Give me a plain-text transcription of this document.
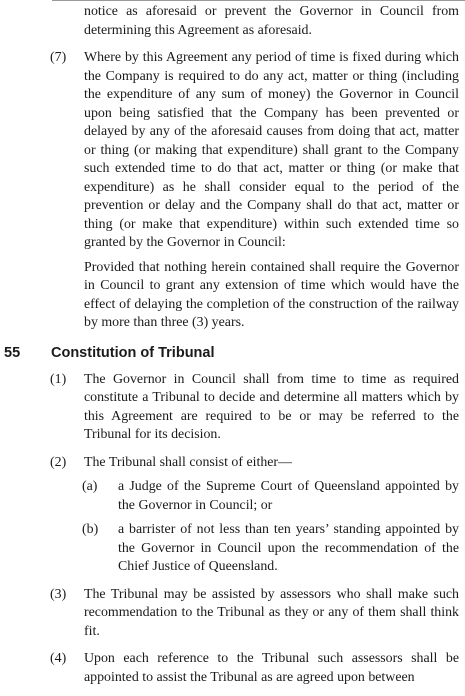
notice as aforesaid or prevent the Governor in Council from determining this Agreement as aforesaid.

(7) Where by this Agreement any period of time is fixed during which the Company is required to do any act, matter or thing (including the expenditure of any sum of money) the Governor in Council upon being satisfied that the Company has been prevented or delayed by any of the aforesaid causes from doing that act, matter or thing (or making that expenditure) shall grant to the Company such extended time to do that act, matter or thing (or make that expenditure) as he shall consider equal to the period of the prevention or delay and the Company shall do that act, matter or thing (or make that expenditure) within such extended time so granted by the Governor in Council:

Provided that nothing herein contained shall require the Governor in Council to grant any extension of time which would have the effect of delaying the completion of the construction of the railway by more than three (3) years.

55 Constitution of Tribunal
(1) The Governor in Council shall from time to time as required constitute a Tribunal to decide and determine all matters which by this Agreement are required to be or may be referred to the Tribunal for its decision.
(2) The Tribunal shall consist of either—
(a) a Judge of the Supreme Court of Queensland appointed by the Governor in Council; or
(b) a barrister of not less than ten years’ standing appointed by the Governor in Council upon the recommendation of the Chief Justice of Queensland.
(3) The Tribunal may be assisted by assessors who shall make such recommendation to the Tribunal as they or any of them shall think fit.
(4) Upon each reference to the Tribunal such assessors shall be appointed to assist the Tribunal as are agreed upon between
